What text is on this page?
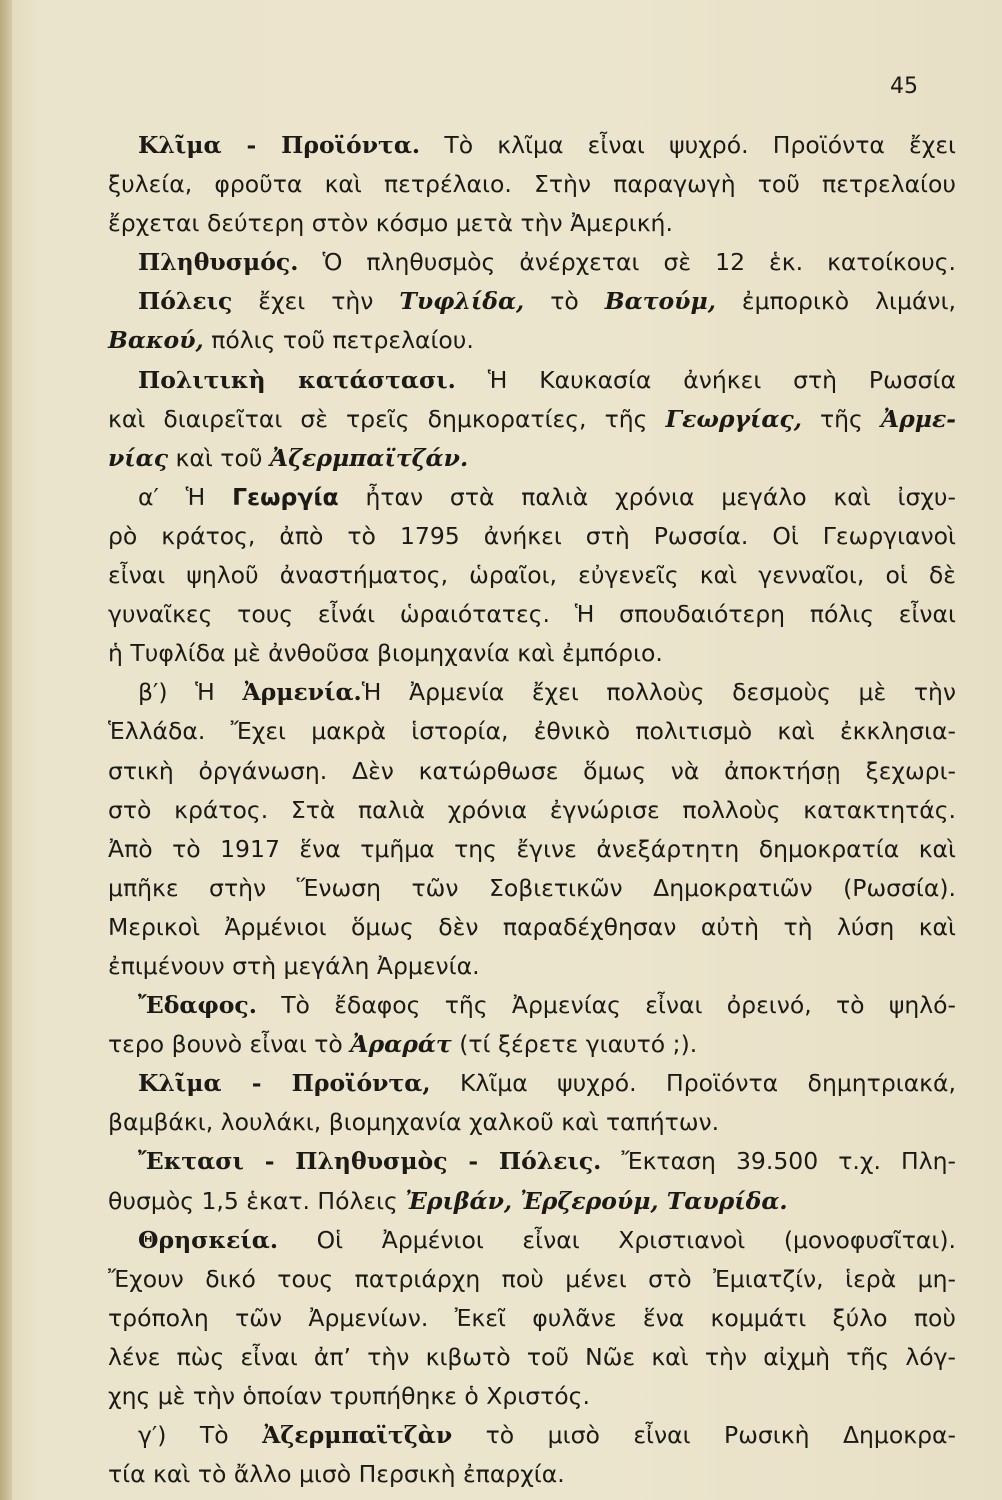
45
Κλῖμα - Προϊόντα. Τὸ κλῖμα εἶναι ψυχρό. Προϊόντα ἔχει
ξυλεία, φροῦτα καὶ πετρέλαιο. Στὴν παραγωγὴ τοῦ πετρελαίου
ἔρχεται δεύτερη στὸν κόσμο μετὰ τὴν Ἀμερική.
Πληθυσμός. Ὁ πληθυσμὸς ἀνέρχεται σὲ 12 ἑκ. κατοίκους.
Πόλεις ἔχει τὴν Τυφλίδα, τὸ Βατούμ, ἐμπορικὸ λιμάνι,
Βακού, πόλις τοῦ πετρελαίου.
Πολιτικὴ κατάστασι. Ἡ Καυκασία ἀνήκει στὴ Ρωσσία
καὶ διαιρεῖται σὲ τρεῖς δημκορατίες, τῆς Γεωργίας, τῆς Ἀρμε-
νίας καὶ τοῦ Ἀζερμπαϊτζάν.
α′ Ἡ Γεωργία ἦταν στὰ παλιὰ χρόνια μεγάλο καὶ ἰσχυ-
ρὸ κράτος, ἀπὸ τὸ 1795 ἀνήκει στὴ Ρωσσία. Οἱ Γεωργιανοὶ
εἶναι ψηλοῦ ἀναστήματος, ὡραῖοι, εὐγενεῖς καὶ γενναῖοι, οἱ δὲ
γυναῖκες τους εἶνάι ὡραιότατες. Ἡ σπουδαιότερη πόλις εἶναι
ἡ Τυφλίδα μὲ ἀνθοῦσα βιομηχανία καὶ ἐμπόριο.
β′) Ἡ Ἀρμενία.Ἡ Ἀρμενία ἔχει πολλοὺς δεσμοὺς μὲ τὴν
Ἑλλάδα. Ἔχει μακρὰ ἱστορία, ἐθνικὸ πολιτισμὸ καὶ ἐκκλησια-
στικὴ ὀργάνωση. Δὲν κατώρθωσε ὅμως νὰ ἀποκτήσῃ ξεχωρι-
στὸ κράτος. Στὰ παλιὰ χρόνια ἐγνώρισε πολλοὺς κατακτητάς.
Ἀπὸ τὸ 1917 ἕνα τμῆμα της ἔγινε ἀνεξάρτητη δημοκρατία καὶ
μπῆκε στὴν Ἕνωση τῶν Σοβιετικῶν Δημοκρατιῶν (Ρωσσία).
Μερικοὶ Ἀρμένιοι ὅμως δὲν παραδέχθησαν αὐτὴ τὴ λύση καὶ
ἐπιμένουν στὴ μεγάλη Ἀρμενία.
Ἔδαφος. Τὸ ἔδαφος τῆς Ἀρμενίας εἶναι ὀρεινό, τὸ ψηλό-
τερο βουνὸ εἶναι τὸ Ἀραράτ (τί ξέρετε γιαυτό ;).
Κλῖμα - Προϊόντα, Κλῖμα ψυχρό. Προϊόντα δημητριακά,
βαμβάκι, λουλάκι, βιομηχανία χαλκοῦ καὶ ταπήτων.
Ἔκτασι - Πληθυσμὸς - Πόλεις. Ἔκταση 39.500 τ.χ. Πλη-
θυσμὸς 1,5 ἑκατ. Πόλεις Ἐριβάν, Ἐρζερούμ, Ταυρίδα.
Θρησκεία. Οἱ Ἀρμένιοι εἶναι Χριστιανοὶ (μονοφυσῖται).
Ἔχουν δικό τους πατριάρχη ποὺ μένει στὸ Ἐμιατζίν, ἱερὰ μη-
τρόπολη τῶν Ἀρμενίων. Ἐκεῖ φυλᾶνε ἕνα κομμάτι ξύλο ποὺ
λένε πὼς εἶναι ἀπ’ τὴν κιβωτὸ τοῦ Νῶε καὶ τὴν αἰχμὴ τῆς λόγ-
χης μὲ τὴν ὁποίαν τρυπήθηκε ὁ Χριστός.
γ′) Τὸ Ἀζερμπαϊτζὰν τὸ μισὸ εἶναι Ρωσικὴ Δημοκρα-
τία καὶ τὸ ἄλλο μισὸ Περσικὴ ἐπαρχία.
